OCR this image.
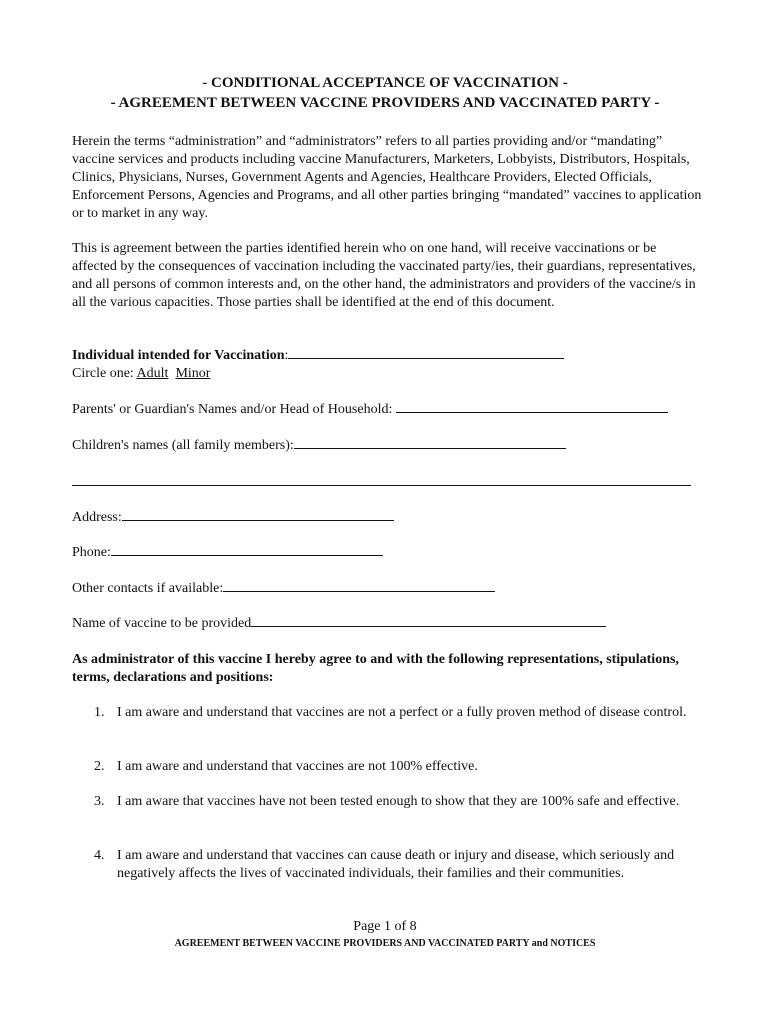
- CONDITIONAL ACCEPTANCE OF VACCINATION -
- AGREEMENT BETWEEN VACCINE PROVIDERS AND VACCINATED PARTY -
Herein the terms “administration” and “administrators” refers to all parties providing and/or “mandating” vaccine services and products including vaccine Manufacturers, Marketers, Lobbyists, Distributors, Hospitals, Clinics, Physicians, Nurses, Government Agents and Agencies, Healthcare Providers, Elected Officials, Enforcement Persons, Agencies and Programs, and all other parties bringing “mandated” vaccines to application or to market in any way.
This is agreement between the parties identified herein who on one hand, will receive vaccinations or be affected by the consequences of vaccination including the vaccinated party/ies, their guardians, representatives, and all persons of common interests and, on the other hand, the administrators and providers of the vaccine/s in all the various capacities. Those parties shall be identified at the end of this document.
Individual intended for Vaccination:
Circle one: Adult Minor
Parents' or Guardian's Names and/or Head of Household:
Children's names (all family members):
Address:
Phone:
Other contacts if available:
Name of vaccine to be provided
As administrator of this vaccine I hereby agree to and with the following representations, stipulations, terms, declarations and positions:
1. I am aware and understand that vaccines are not a perfect or a fully proven method of disease control.
2. I am aware and understand that vaccines are not 100% effective.
3. I am aware that vaccines have not been tested enough to show that they are 100% safe and effective.
4. I am aware and understand that vaccines can cause death or injury and disease, which seriously and negatively affects the lives of vaccinated individuals, their families and their communities.
Page 1 of 8
AGREEMENT BETWEEN VACCINE PROVIDERS AND VACCINATED PARTY and NOTICES
